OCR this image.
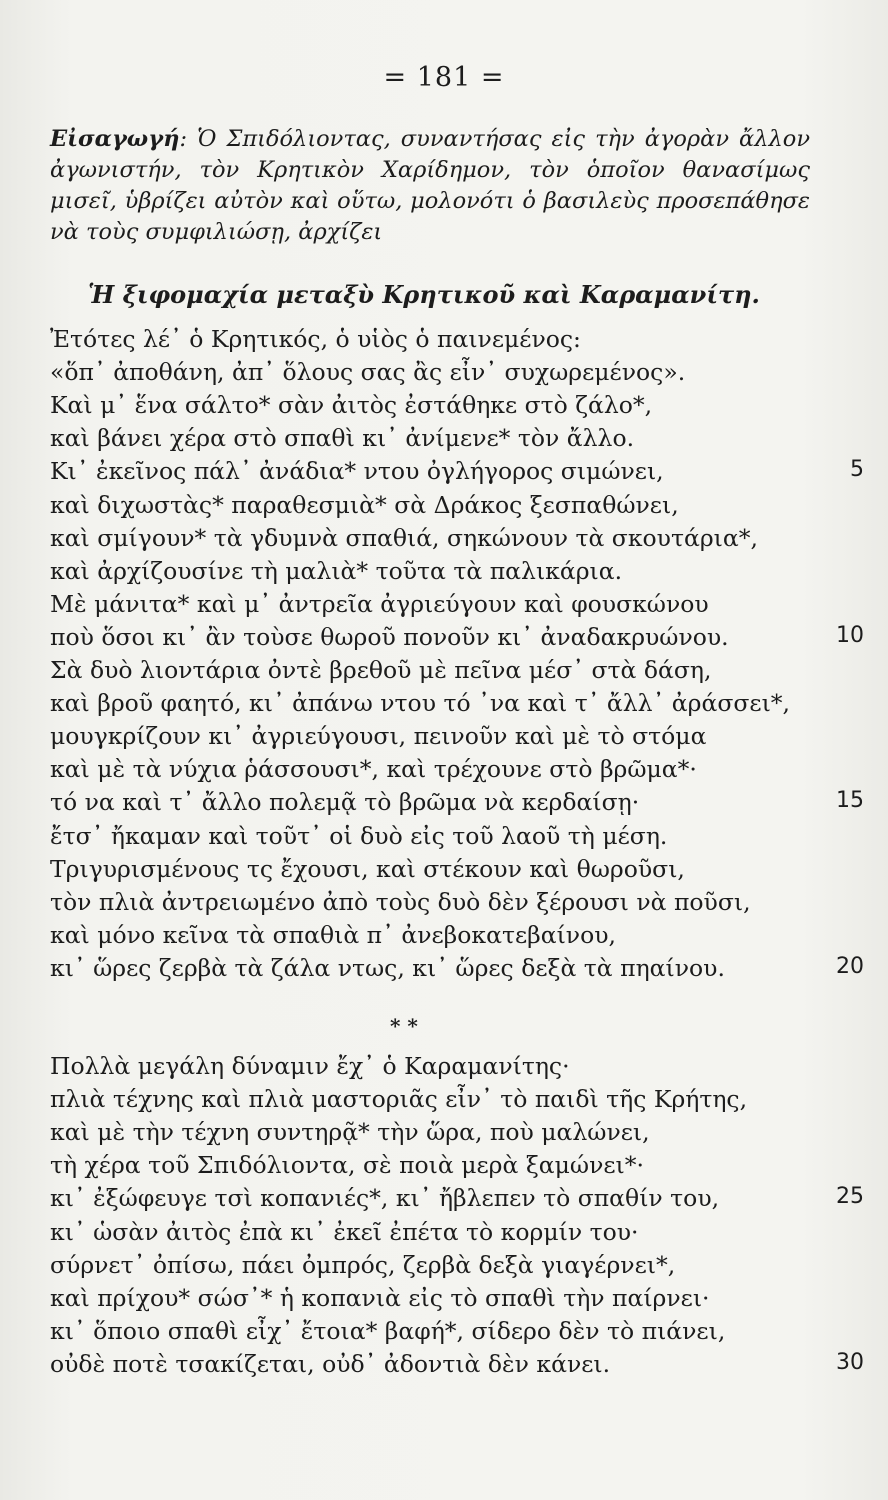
= 181 =
Εἰσαγωγή: Ὁ Σπιδόλιοντας, συναντήσας εἰς τὴν ἀγορὰν ἄλλον ἀγωνιστήν, τὸν Κρητικὸν Χαρίδημον, τὸν ὁποῖον θανασίμως μισεῖ, ὑβρίζει αὐτὸν καὶ οὕτω, μολονότι ὁ βασιλεὺς προσεπάθησε νὰ τοὺς συμφιλιώσῃ, ἀρχίζει
Ἡ ξιφομαχία μεταξὺ Κρητικοῦ καὶ Καραμανίτη.
Ἐτότες λέ᾽ ὁ Κρητικός, ὁ υἱὸς ὁ παινεμένος:
«ὅπ᾽ ἀποθάνη, ἀπ᾽ ὅλους σας ἂς εἶν᾽ συχωρεμένος».
Καὶ μ᾽ ἕνα σάλτο* σὰν ἀιτὸς ἐστάθηκε στὸ ζάλο*,
καὶ βάνει χέρα στὸ σπαθὶ κι᾽ ἀνίμενε* τὸν ἄλλο.
Κι᾽ ἐκεῖνος πάλ᾽ ἀνάδια* ντου ὀγλήγορος σιμώνει,	5
καὶ διχωστὰς* παραθεσμιὰ* σὰ Δράκος ξεσπαθώνει,
καὶ σμίγουν* τὰ γδυμνὰ σπαθιά, σηκώνουν τὰ σκουτάρια*,
καὶ ἀρχίζουσίνε τὴ μαλιὰ* τοῦτα τὰ παλικάρια.
Μὲ μάνιτα* καὶ μ᾽ ἀντρεῖα ἀγριεύγουν καὶ φουσκώνου
ποὺ ὅσοι κι᾽ ἂν τοὺσε θωροῦ πονοῦν κι᾽ ἀναδακρυώνου.	10
Σὰ δυὸ λιοντάρια ὀντὲ βρεθοῦ μὲ πεῖνα μέσ᾽ στὰ δάση,
καὶ βροῦ φαητό, κι᾽ ἀπάνω ντου τό ᾽να καὶ τ᾽ ἄλλ᾽ ἀράσσει*,
μουγκρίζουν κι᾽ ἀγριεύγουσι, πεινοῦν καὶ μὲ τὸ στόμα
καὶ μὲ τὰ νύχια ῥάσσουσι*, καὶ τρέχουνε στὸ βρῶμα*·
τό να καὶ τ᾽ ἄλλο πολεμᾷ τὸ βρῶμα νὰ κερδαίσῃ·	15
ἔτσ᾽ ἤκαμαν καὶ τοῦτ᾽ οἱ δυὸ εἰς τοῦ λαοῦ τὴ μέση.
Τριγυρισμένους τς ἔχουσι, καὶ στέκουν καὶ θωροῦσι,
τὸν πλιὰ ἀντρειωμένο ἀπὸ τοὺς δυὸ δὲν ξέρουσι νὰ ποῦσι,
καὶ μόνο κεῖνα τὰ σπαθιὰ π᾽ ἀνεβοκατεβαίνου,
κι᾽ ὥρες ζερβὰ τὰ ζάλα ντως, κι᾽ ὥρες δεξὰ τὰ πηαίνου.	20
Πολλὰ μεγάλη δύναμιν ἔχ᾽ ὁ Καραμανίτης·
πλιὰ τέχνης καὶ πλιὰ μαστοριᾶς εἶν᾽ τὸ παιδὶ τῆς Κρήτης,
καὶ μὲ τὴν τέχνη συντηρᾷ* τὴν ὥρα, ποὺ μαλώνει,
τὴ χέρα τοῦ Σπιδόλιοντα, σὲ ποιὰ μερὰ ξαμώνει*·
κι᾽ ἐξώφευγε τσὶ κοπανιές*, κι᾽ ἤβλεπεν τὸ σπαθίν του,	25
κι᾽ ὡσὰν ἀιτὸς ἐπὰ κι᾽ ἐκεῖ ἐπέτα τὸ κορμίν του·
σύρνετ᾽ ὀπίσω, πάει ὀμπρός, ζερβὰ δεξὰ γιαγέρνει*,
καὶ πρίχου* σώσ᾽* ἡ κοπανιὰ εἰς τὸ σπαθὶ τὴν παίρνει·
κι᾽ ὅποιο σπαθὶ εἶχ᾽ ἔτοια* βαφή*, σίδερο δὲν τὸ πιάνει,
οὐδὲ ποτὲ τσακίζεται, οὐδ᾽ ἀδοντιὰ δὲν κάνει.	30
* *
